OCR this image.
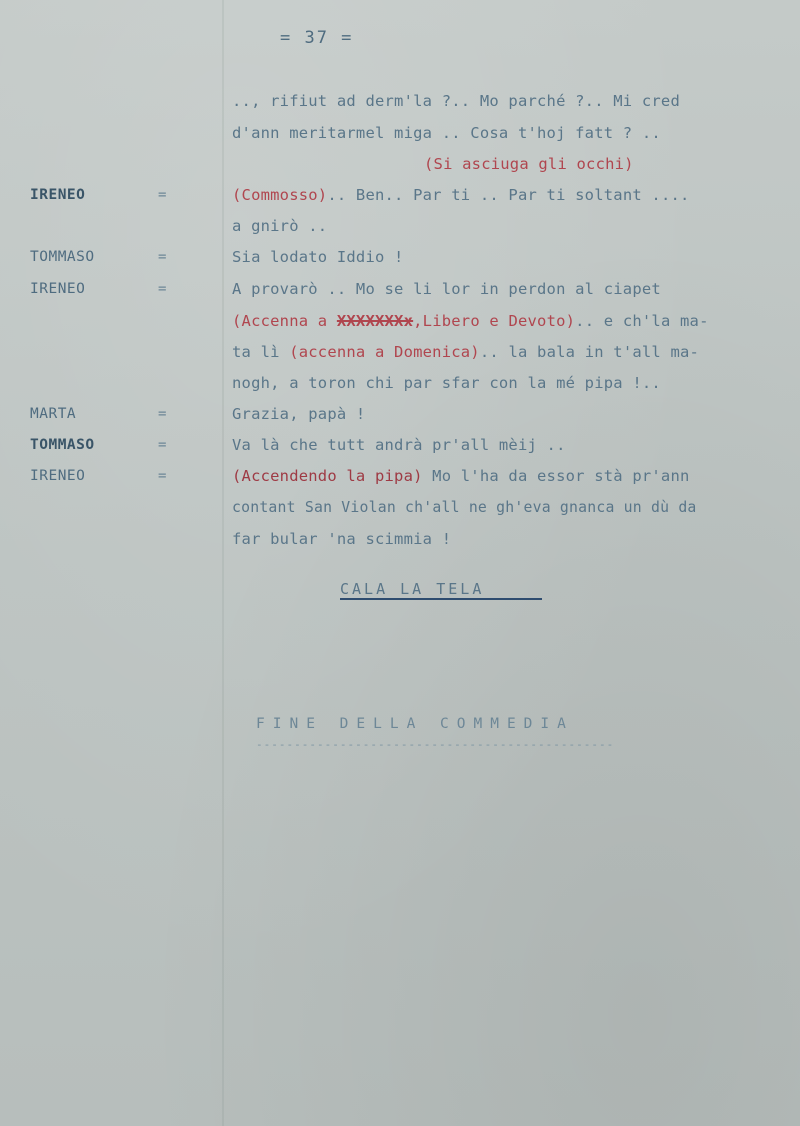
= 37 =
.., rifiut ad derm'la ?.. Mo parché ?.. Mi cred
d'ann meritarmel miga .. Cosa t'hoj fatt ? ..
(Si asciuga gli occhi)
IRENEO	=	(Commosso).. Ben.. Par ti .. Par ti soltant ....
a gnirò ..
TOMMASO	=	Sia lodato Iddio !
IRENEO	=	A provarò .. Mo se li lor in perdon al ciapet
(Accenna a XXXXXXXx,Libero e Devoto).. e ch'la ma-
ta lì (accenna a Domenica).. la bala in t'all ma-
nogh, a toron chi par sfar con la mé pipa !..
MARTA	=	Grazia, papà !
TOMMASO	=	Va là che tutt andrà pr'all mèij ..
IRENEO	=	(Accendendo la pipa) Mo l'ha da essor stà pr'ann
contant San Violan ch'all ne gh'eva gnanca un dù da
far bular 'na scimmia !
CALA LA TELA
FINE DELLA COMMEDIA
-----------------------------------------------
